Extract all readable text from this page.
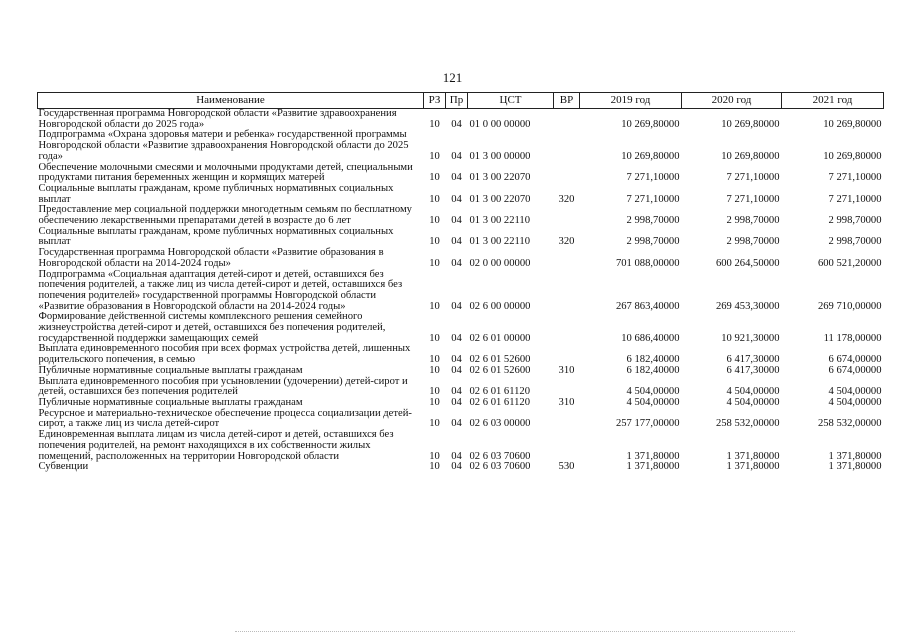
121
Наименование	РЗ	Пр	ЦСТ	ВР	2019 год	2020 год	2021 год
Государственная программа Новгородской области «Развитие здравоохранения Новгородской области до 2025 года»	10	04	01 0 00 00000		10 269,80000	10 269,80000	10 269,80000
Подпрограмма «Охрана здоровья матери и ребенка» государственной программы Новгородской области «Развитие здравоохранения Новгородской области до 2025 года»	10	04	01 3 00 00000		10 269,80000	10 269,80000	10 269,80000
Обеспечение молочными смесями и молочными продуктами детей, специальными продуктами питания беременных женщин и кормящих матерей	10	04	01 3 00 22070		7 271,10000	7 271,10000	7 271,10000
Социальные выплаты гражданам, кроме публичных нормативных социальных выплат	10	04	01 3 00 22070	320	7 271,10000	7 271,10000	7 271,10000
Предоставление мер социальной поддержки многодетным семьям по бесплатному обеспечению лекарственными препаратами детей в возрасте до 6 лет	10	04	01 3 00 22110		2 998,70000	2 998,70000	2 998,70000
Социальные выплаты гражданам, кроме публичных нормативных социальных выплат	10	04	01 3 00 22110	320	2 998,70000	2 998,70000	2 998,70000
Государственная программа Новгородской области «Развитие образования в Новгородской области на 2014-2024 годы»	10	04	02 0 00 00000		701 088,00000	600 264,50000	600 521,20000
Подпрограмма «Социальная адаптация детей-сирот и детей, оставшихся без попечения родителей, а также лиц из числа детей-сирот и детей, оставшихся без попечения родителей» государственной программы Новгородской области «Развитие образования в Новгородской области на 2014-2024 годы»	10	04	02 6 00 00000		267 863,40000	269 453,30000	269 710,00000
Формирование действенной системы комплексного решения семейного жизнеустройства детей-сирот и детей, оставшихся без попечения родителей, государственной поддержки замещающих семей	10	04	02 6 01 00000		10 686,40000	10 921,30000	11 178,00000
Выплата единовременного пособия при всех формах устройства детей, лишенных родительского попечения, в семью	10	04	02 6 01 52600		6 182,40000	6 417,30000	6 674,00000
Публичные нормативные социальные выплаты гражданам	10	04	02 6 01 52600	310	6 182,40000	6 417,30000	6 674,00000
Выплата единовременного пособия при усыновлении (удочерении) детей-сирот и детей, оставшихся без попечения родителей	10	04	02 6 01 61120		4 504,00000	4 504,00000	4 504,00000
Публичные нормативные социальные выплаты гражданам	10	04	02 6 01 61120	310	4 504,00000	4 504,00000	4 504,00000
Ресурсное и материально-техническое обеспечение процесса социализации детей-сирот, а также лиц из числа детей-сирот	10	04	02 6 03 00000		257 177,00000	258 532,00000	258 532,00000
Единовременная выплата лицам из числа детей-сирот и детей, оставшихся без попечения родителей, на ремонт находящихся в их собственности жилых помещений, расположенных на территории Новгородской области	10	04	02 6 03 70600		1 371,80000	1 371,80000	1 371,80000
Субвенции	10	04	02 6 03 70600	530	1 371,80000	1 371,80000	1 371,80000
